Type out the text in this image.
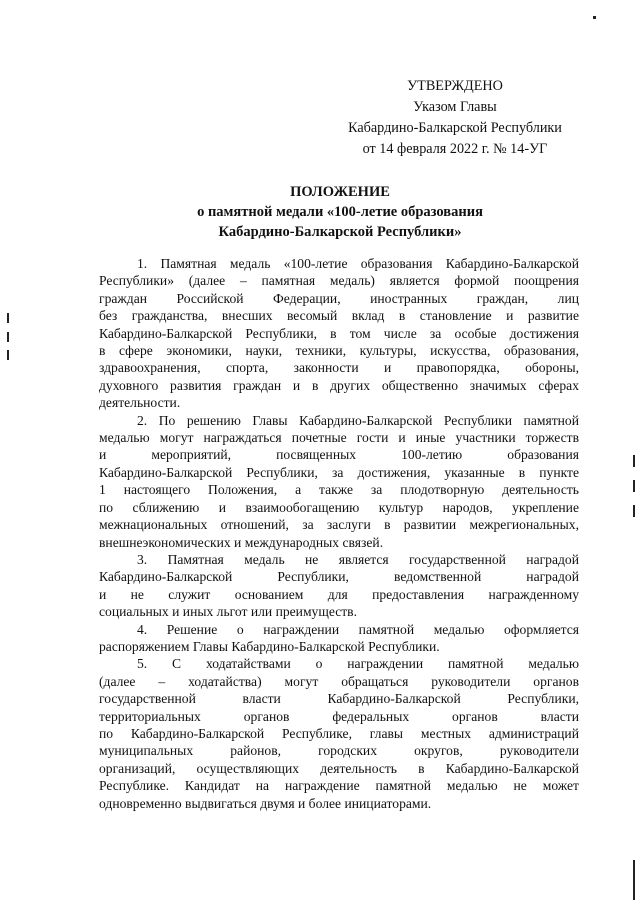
УТВЕРЖДЕНО
Указом Главы
Кабардино-Балкарской Республики
от 14 февраля 2022 г. № 14-УГ
ПОЛОЖЕНИЕ
о памятной медали «100-летие образования
Кабардино-Балкарской Республики»
1. Памятная медаль «100-летие образования Кабардино-Балкарской
Республики» (далее – памятная медаль) является формой поощрения
граждан Российской Федерации, иностранных граждан, лиц
без гражданства, внесших весомый вклад в становление и развитие
Кабардино-Балкарской Республики, в том числе за особые достижения
в сфере экономики, науки, техники, культуры, искусства, образования,
здравоохранения, спорта, законности и правопорядка, обороны,
духовного развития граждан и в других общественно значимых сферах
деятельности.
2. По решению Главы Кабардино-Балкарской Республики памятной
медалью могут награждаться почетные гости и иные участники торжеств
и мероприятий, посвященных 100-летию образования
Кабардино-Балкарской Республики, за достижения, указанные в пункте
1 настоящего Положения, а также за плодотворную деятельность
по сближению и взаимообогащению культур народов, укрепление
межнациональных отношений, за заслуги в развитии межрегиональных,
внешнеэкономических и международных связей.
3. Памятная медаль не является государственной наградой
Кабардино-Балкарской Республики, ведомственной наградой
и не служит основанием для предоставления награжденному
социальных и иных льгот или преимуществ.
4. Решение о награждении памятной медалью оформляется
распоряжением Главы Кабардино-Балкарской Республики.
5. С ходатайствами о награждении памятной медалью
(далее – ходатайства) могут обращаться руководители органов
государственной власти Кабардино-Балкарской Республики,
территориальных органов федеральных органов власти
по Кабардино-Балкарской Республике, главы местных администраций
муниципальных районов, городских округов, руководители
организаций, осуществляющих деятельность в Кабардино-Балкарской
Республике. Кандидат на награждение памятной медалью не может
одновременно выдвигаться двумя и более инициаторами.
